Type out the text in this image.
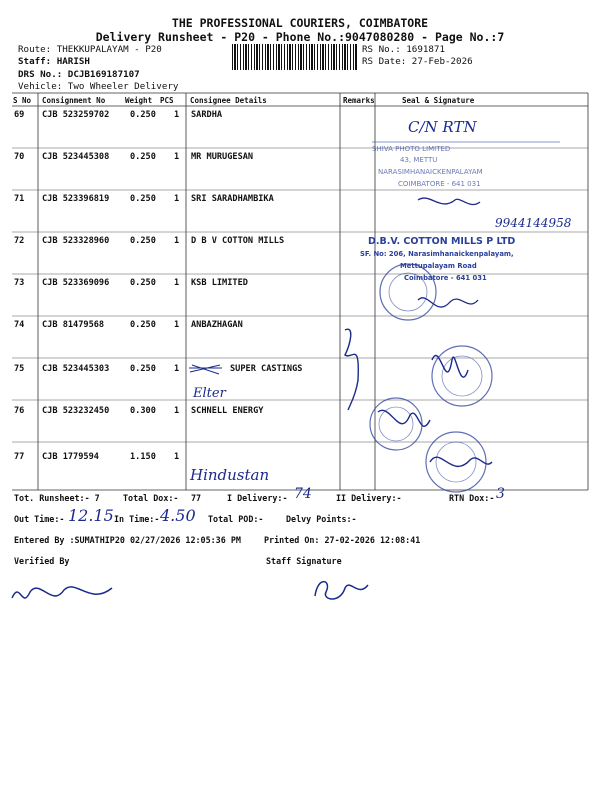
THE PROFESSIONAL COURIERS, COIMBATORE
Delivery Runsheet - P20 - Phone No.:9047080280 - Page No.:7
Route: THEKKUPALAYAM - P20
Staff: HARISH
DRS No.: DCJB169187107
Vehicle: Two Wheeler Delivery
RS No.: 1691871
RS Date: 27-Feb-2026
S No Consignment No	Weight PCS Consignee Details	Remarks	Seal & Signature
69 CJB 523259702 0.250 1 SARDHA
70 CJB 523445308 0.250 1 MR MURUGESAN
71 CJB 523396819 0.250 1 SRI SARADHAMBIKA
72 CJB 523328960 0.250 1 D B V COTTON MILLS
73 CJB 523369096 0.250 1 KSB LIMITED
74 CJB 81479568	0.250 1 ANBAZHAGAN
75 CJB 523445303 0.250 1	SUPER CASTINGS
76 CJB 523232450 0.300 1 SCHNELL ENERGY
77 CJB 1779594	1.150 1
C/N RTN
9944144958
Elter
Hindustan
SHIVA PHOTO LIMITED
43, METTU
NARASIMHANAICKENPALAYAM
COIMBATORE - 641 031
D.B.V. COTTON MILLS P LTD
SF. No: 206, Narasimhanaickenpalayam,
Mettupalayam Road
Coimbatore - 641 031
Tot. Runsheet:- 7	Total Dox:- 77	I Delivery:- 74	II Delivery:-	RTN Dox:- 3
Out Time:- 12.15 In Time:- 4.50 Total POD:-	Delvy Points:-
Entered By :SUMATHIP20 02/27/2026 12:05:36 PM	Printed On: 27-02-2026 12:08:41
Verified By	Staff Signature
